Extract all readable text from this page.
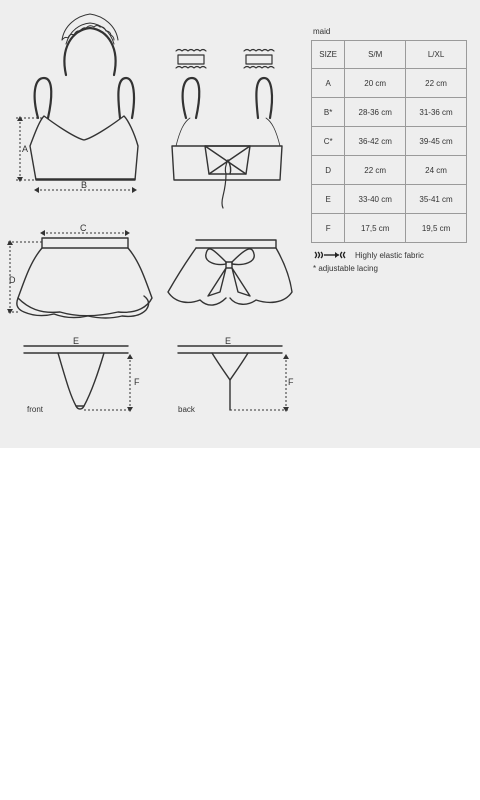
A
B
C
D
E	E
F	F
front	back
maid
SIZE	S/M	L/XL
A	20 cm	22 cm
B*	28-36 cm	31-36 cm
C*	36-42 cm	39-45 cm
D	22 cm	24 cm
E	33-40 cm	35-41 cm
F	17,5 cm	19,5 cm
Highly elastic fabric
* adjustable lacing
